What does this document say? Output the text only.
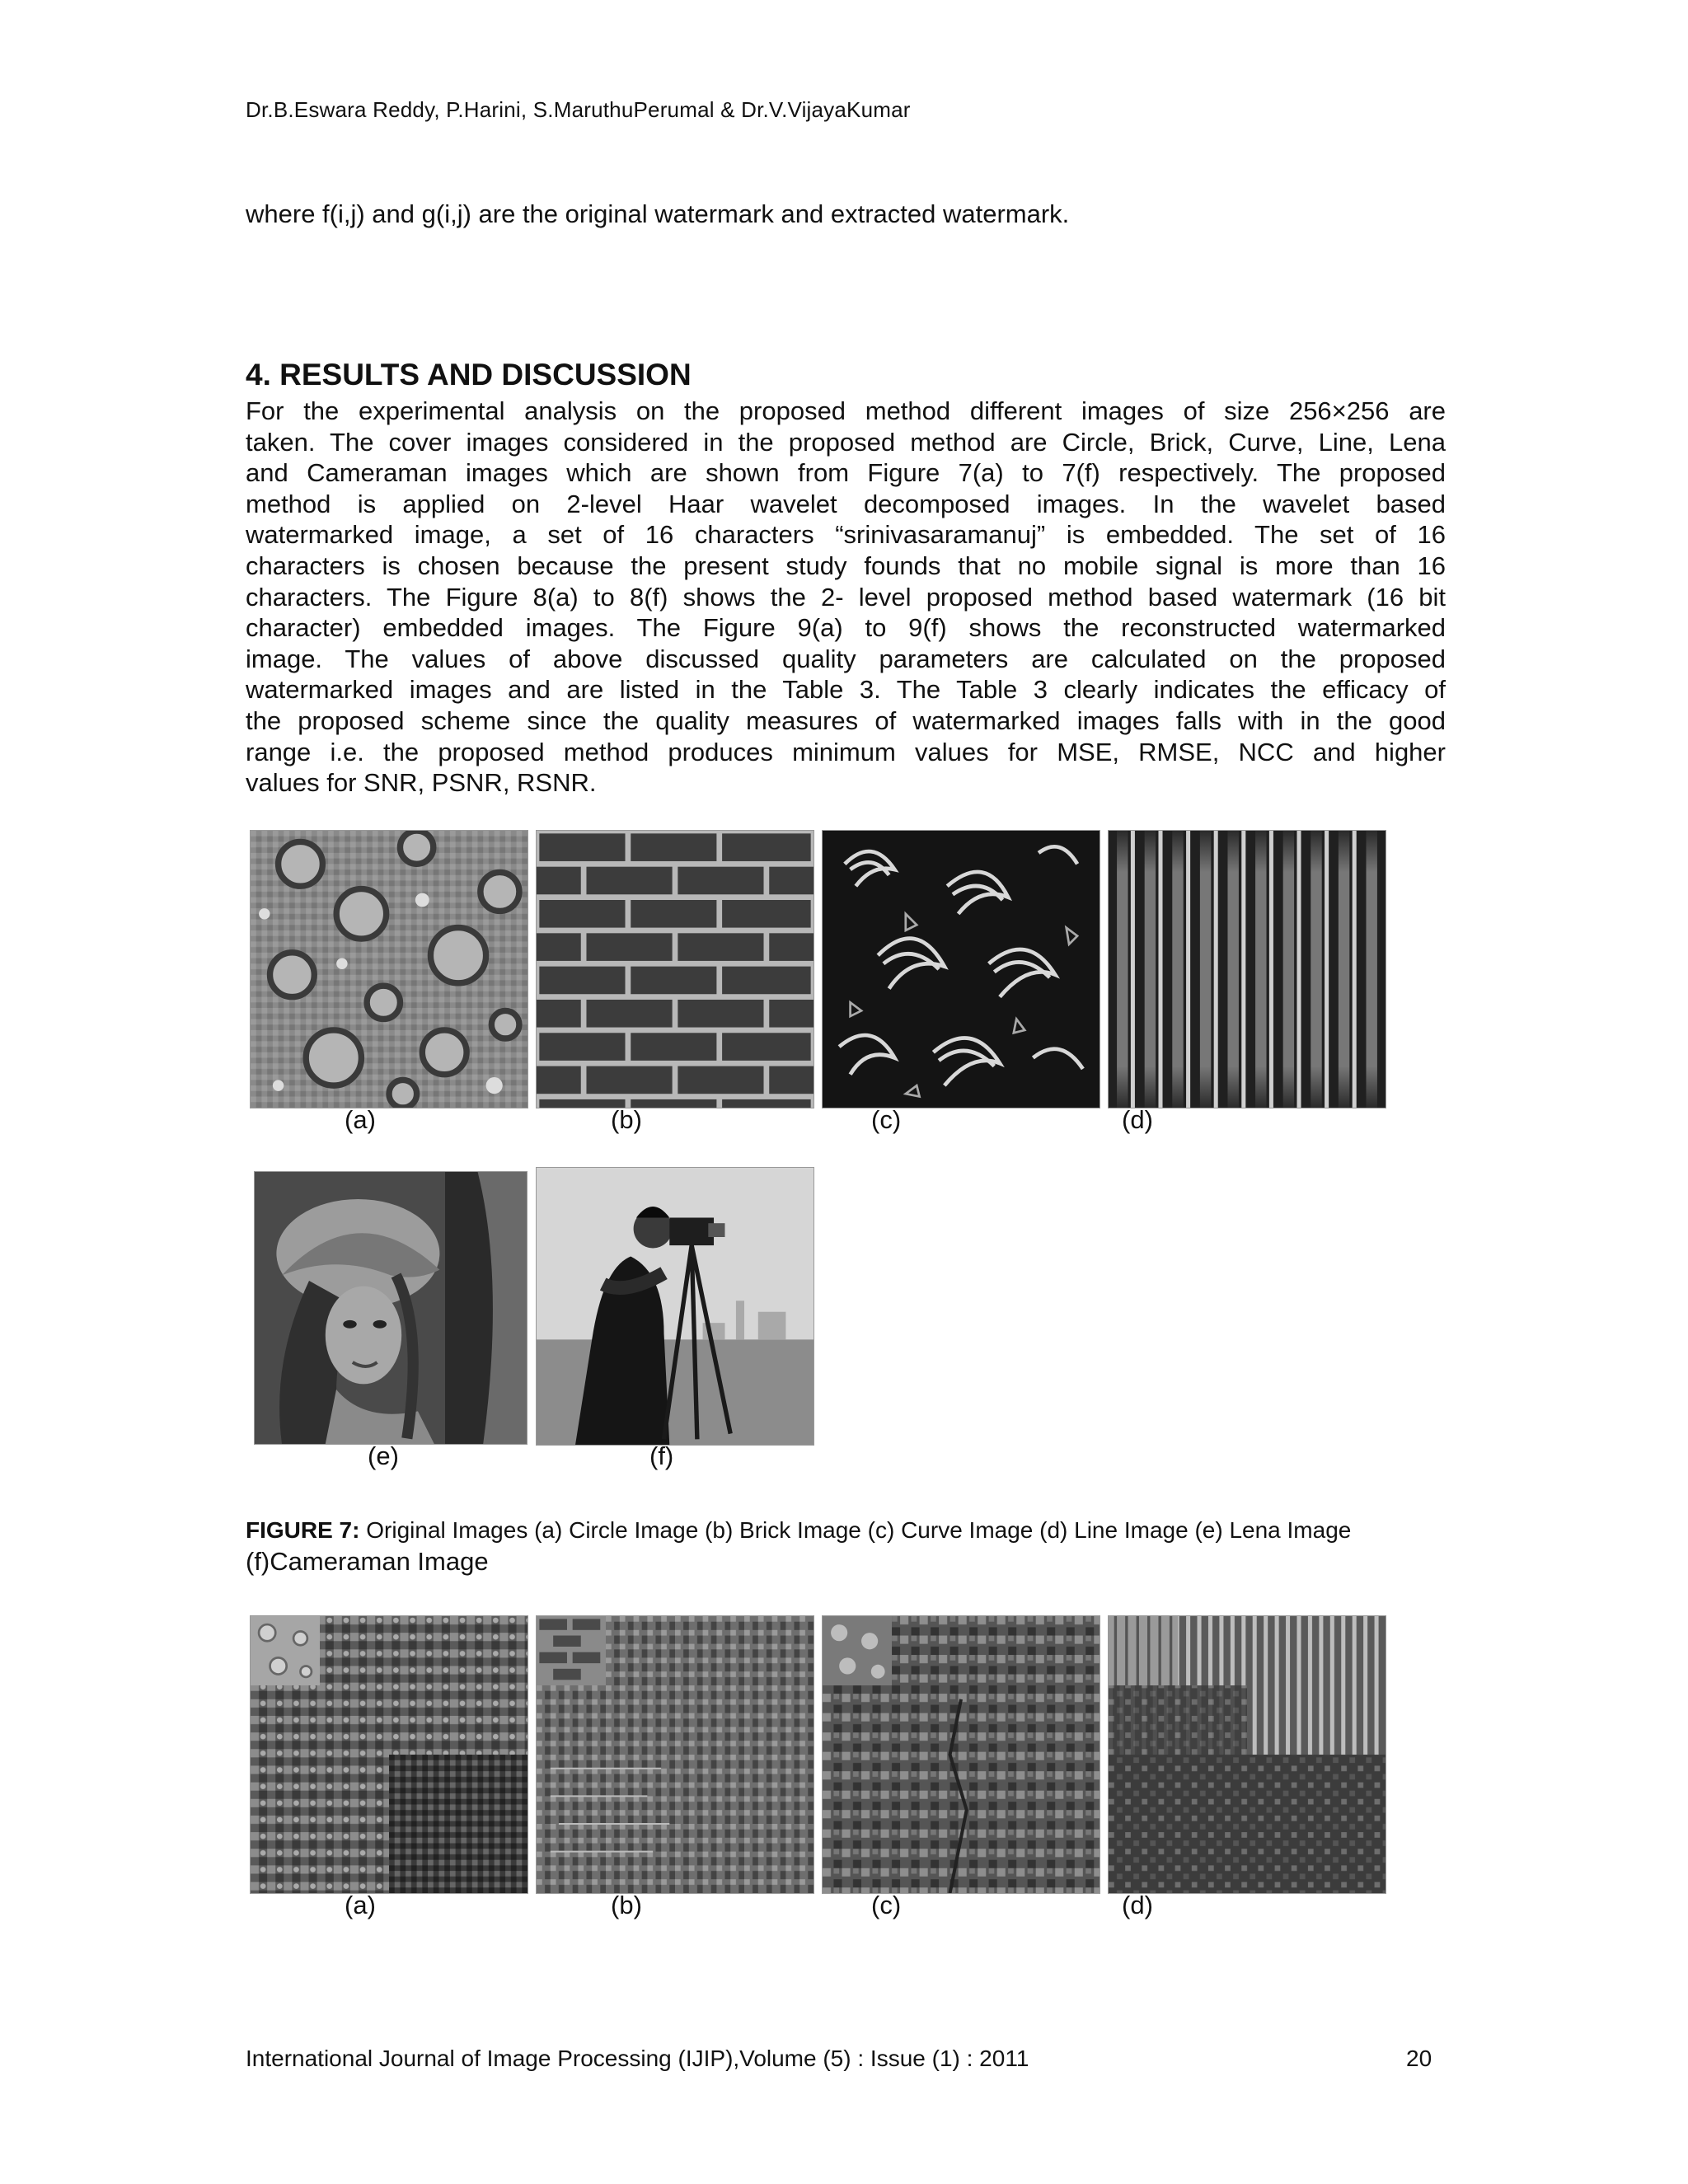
Dr.B.Eswara Reddy, P.Harini, S.MaruthuPerumal & Dr.V.VijayaKumar
where f(i,j) and g(i,j) are the original watermark and extracted watermark.
4. RESULTS AND DISCUSSION
For the experimental analysis on the proposed method different images of size 256×256 are
taken. The cover images considered in the proposed method are Circle, Brick, Curve, Line, Lena
and Cameraman images which are shown from Figure 7(a) to 7(f) respectively. The proposed
method is applied on 2-level Haar wavelet decomposed images. In the wavelet based
watermarked image, a set of 16 characters “srinivasaramanuj” is embedded. The set of 16
characters is chosen because the present study founds that no mobile signal is more than 16
characters. The Figure 8(a) to 8(f) shows the 2- level proposed method based watermark (16 bit
character) embedded images. The Figure 9(a) to 9(f) shows the reconstructed watermarked
image. The values of above discussed quality parameters are calculated on the proposed
watermarked images and are listed in the Table 3. The Table 3 clearly indicates the efficacy of
the proposed scheme since the quality measures of watermarked images falls with in the good
range i.e. the proposed method produces minimum values for MSE, RMSE, NCC and higher
values for SNR, PSNR, RSNR.
(a)	(b)	(c)	(d)
(e)	(f)
FIGURE 7: Original Images (a) Circle Image (b) Brick Image (c) Curve Image (d) Line Image (e) Lena Image
(f)Cameraman Image
(a)	(b)	(c)	(d)
International Journal of Image Processing (IJIP),Volume (5) : Issue (1) : 2011	20
